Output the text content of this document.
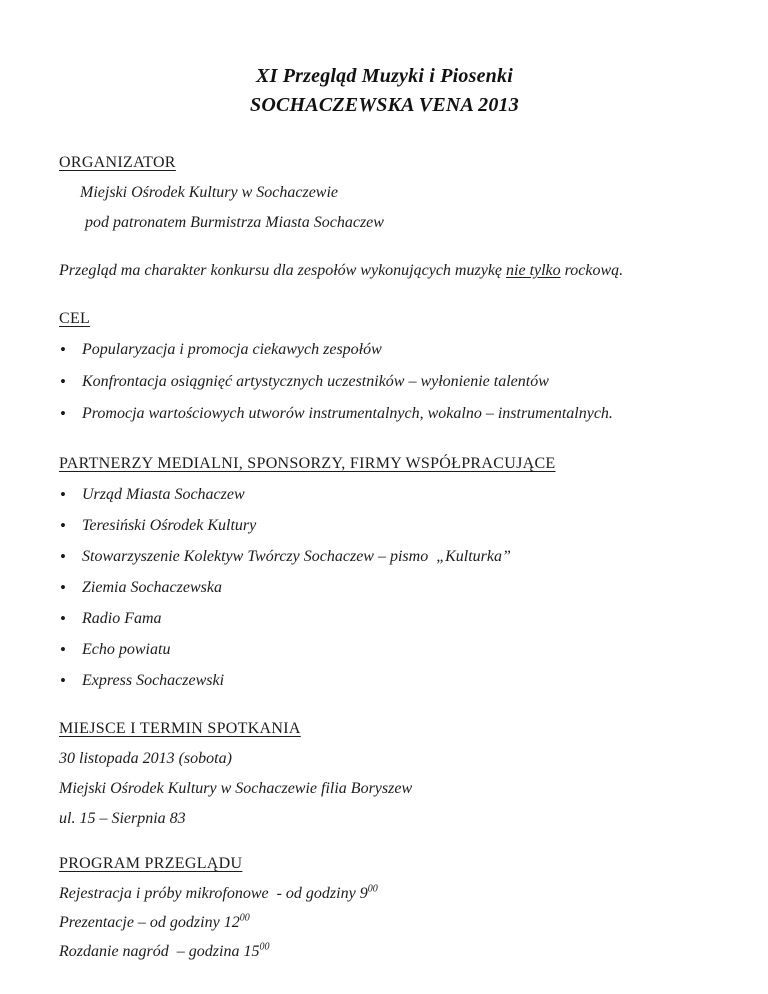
XI Przegląd Muzyki i Piosenki
SOCHACZEWSKA VENA 2013
ORGANIZATOR
Miejski Ośrodek Kultury w Sochaczewie
pod patronatem Burmistrza Miasta Sochaczew
Przegląd ma charakter konkursu dla zespołów wykonujących muzykę nie tylko rockową.
CEL
• Popularyzacja i promocja ciekawych zespołów
• Konfrontacja osiągnięć artystycznych uczestników – wyłonienie talentów
• Promocja wartościowych utworów instrumentalnych, wokalno – instrumentalnych.
PARTNERZY MEDIALNI, SPONSORZY, FIRMY WSPÓŁPRACUJĄCE
• Urząd Miasta Sochaczew
• Teresiński Ośrodek Kultury
• Stowarzyszenie Kolektyw Twórczy Sochaczew – pismo  „Kulturka”
• Ziemia Sochaczewska
• Radio Fama
• Echo powiatu
• Express Sochaczewski
MIEJSCE I TERMIN SPOTKANIA
30 listopada 2013 (sobota)
Miejski Ośrodek Kultury w Sochaczewie filia Boryszew
ul. 15 – Sierpnia 83
PROGRAM PRZEGLĄDU
Rejestracja i próby mikrofonowe  - od godziny $9^{00}$
Prezentacje – od godziny $12^{00}$
Rozdanie nagród  – godzina $15^{00}$
